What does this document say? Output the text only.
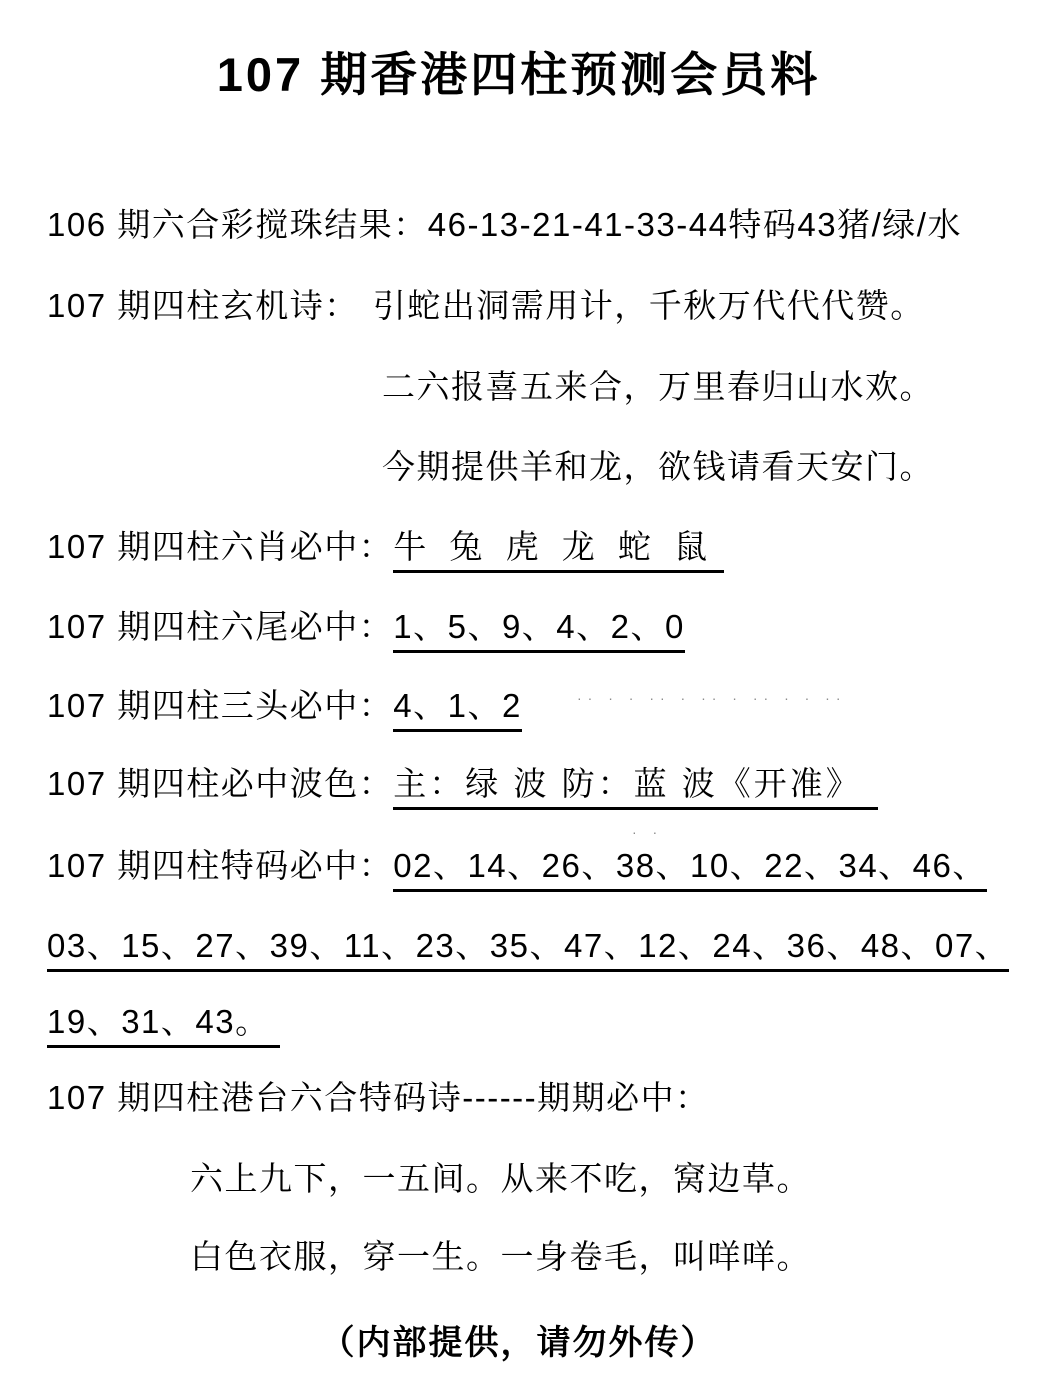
107 期香港四柱预测会员料
106 期六合彩搅珠结果：46-13-21-41-33-44特码43猪/绿/水
107 期四柱玄机诗： 引蛇出洞需用计，千秋万代代代赞。
二六报喜五来合，万里春归山水欢。
今期提供羊和龙，欲钱请看天安门。
107 期四柱六肖必中：牛 兔 虎 龙 蛇 鼠
107 期四柱六尾必中：1、5、9、4、2、0
107 期四柱三头必中：4、1、2	·· · · ·· · ·· · ·· · · ··
107 期四柱必中波色：主：绿 波 防：蓝 波《开准》
· ·
107 期四柱特码必中：02、14、26、38、10、22、34、46、
03、15、27、39、11、23、35、47、12、24、36、48、07、
19、31、43。
107 期四柱港台六合特码诗------期期必中：
六上九下，一五间。从来不吃，窝边草。
白色衣服，穿一生。一身卷毛，叫咩咩。
（内部提供，请勿外传）
